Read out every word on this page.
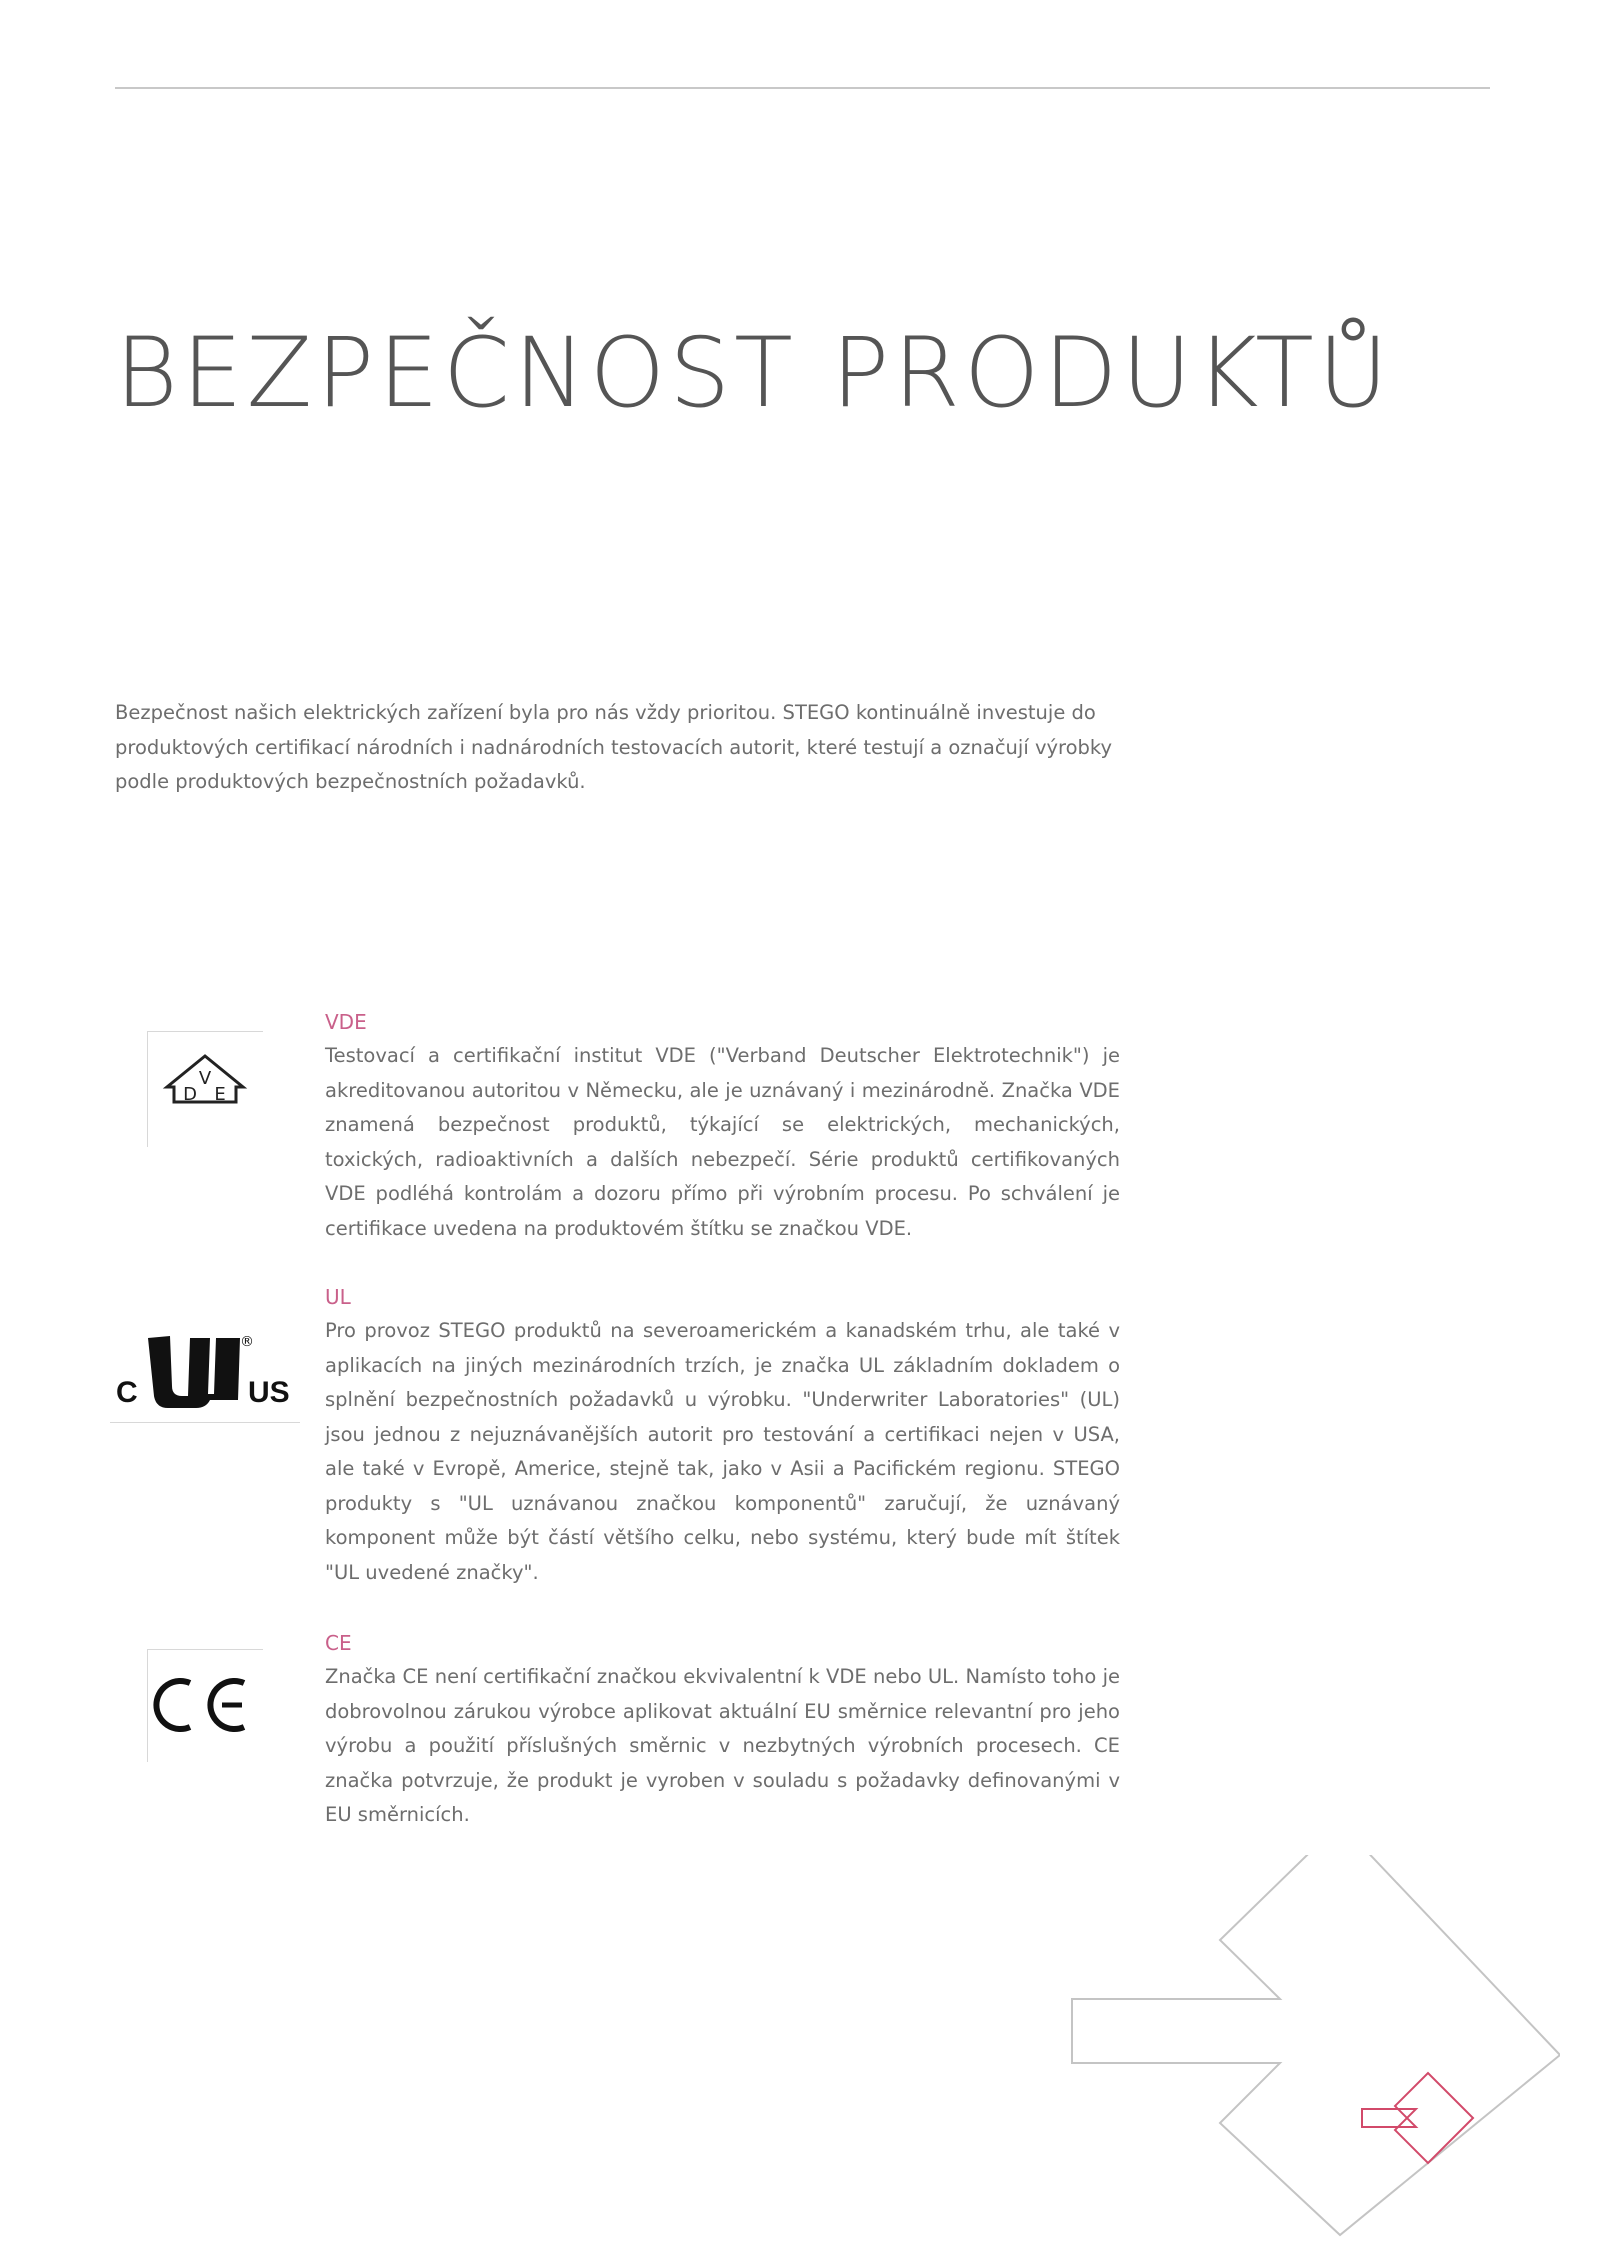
BEZPEČNOST PRODUKTŮ

Bezpečnost našich elektrických zařízení byla pro nás vždy prioritou. STEGO kontinuálně investuje do produktových certifikací národních i nadnárodních testovacích autorit, které testují a označují výrobky podle produktových bezpečnostních požadavků.

V
D E
VDE

Testovací a certifikační institut VDE ("Verband Deutscher Elektrotechnik") je akreditovanou autoritou v Německu, ale je uznávaný i mezinárodně. Značka VDE znamená bezpečnost produktů, týkající se elektrických, mechanických, toxických, radioaktivních a dalších nebezpečí. Série produktů certifikovaných VDE podléhá kontrolám a dozoru přímo při výrobním procesu. Po schválení je certifikace uvedena na produktovém štítku se značkou VDE.

C	US
®
UL

Pro provoz STEGO produktů na severoamerickém a kanadském trhu, ale také v aplikacích na jiných mezinárodních trzích, je značka UL základním dokladem o splnění bezpečnostních požadavků u výrobku. "Underwriter Laboratories" (UL) jsou jednou z nejuznávanějších autorit pro testování a certifikaci nejen v USA, ale také v Evropě, Americe, stejně tak, jako v Asii a Pacifickém regionu. STEGO produkty s "UL uznávanou značkou komponentů" zaručují, že uznávaný komponent může být částí většího celku, nebo systému, který bude mít štítek "UL uvedené značky".

CE

Značka CE není certifikační značkou ekvivalentní k VDE nebo UL. Namísto toho je dobrovolnou zárukou výrobce aplikovat aktuální EU směrnice relevantní pro jeho výrobu a použití příslušných směrnic v nezbytných výrobních procesech. CE značka potvrzuje, že produkt je vyroben v souladu s požadavky definovanými v EU směrnicích.
